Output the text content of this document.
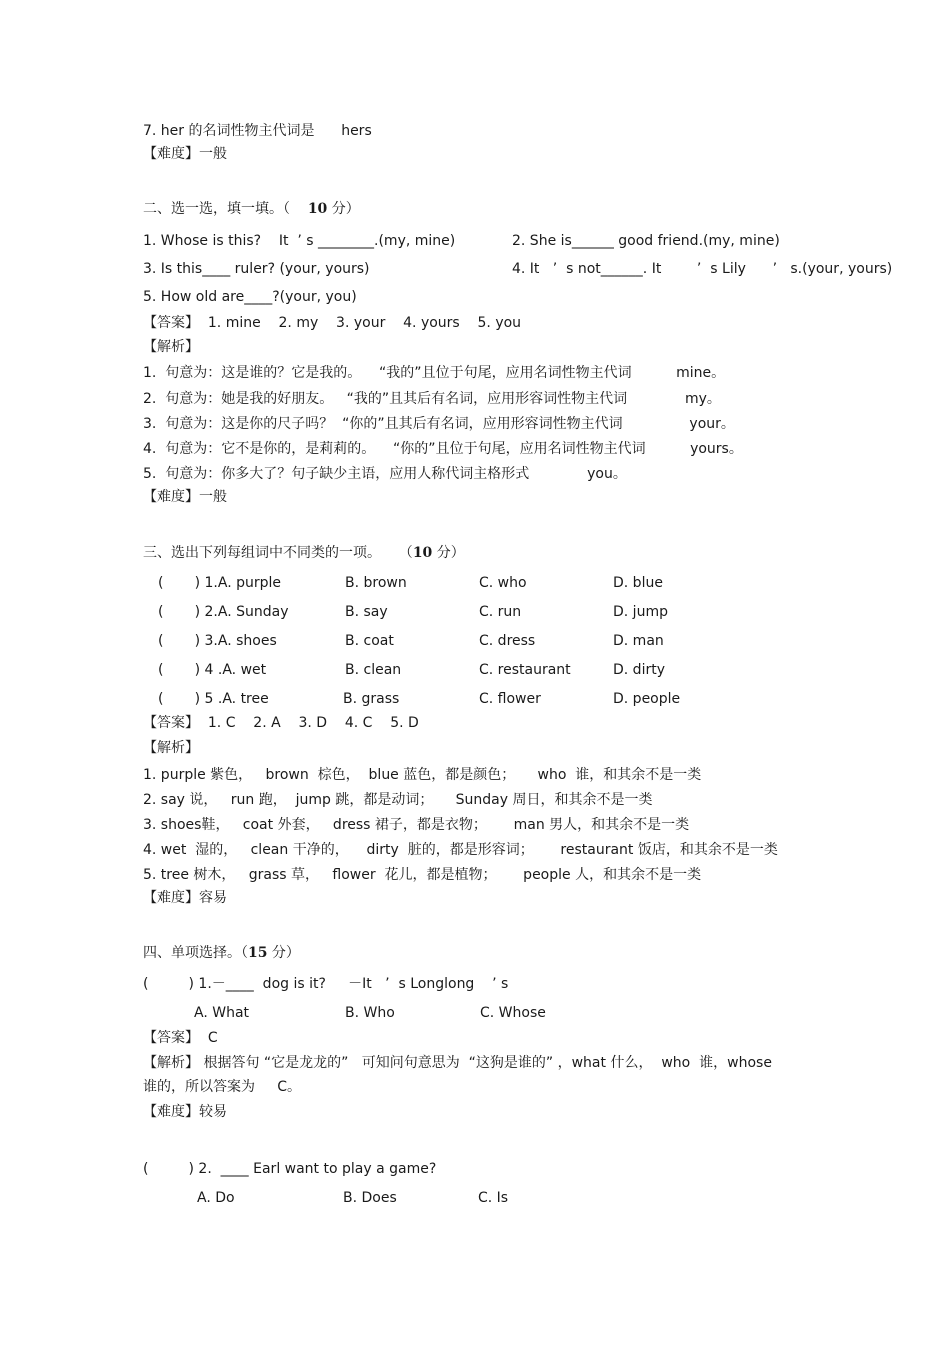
7. her 的名词性物主代词是      hers
【难度】一般
二、选一选，填一填。（    10 分）
1. Whose is this?    It  ’ s ________.(my, mine)	2. She is______ good friend.(my, mine)
3. Is this____ ruler? (your, yours)	4. It   ’  s not______. It        ’  s Lily      ’   s.(your, yours)
5. How old are____?(your, you)
【答案】  1. mine    2. my    3. your    4. yours    5. you
【解析】
1.  句意为：这是谁的？它是我的。    “我的”且位于句尾，应用名词性物主代词          mine。
2.  句意为：她是我的好朋友。   “我的”且其后有名词，应用形容词性物主代词             my。
3.  句意为：这是你的尺子吗？  “你的”且其后有名词，应用形容词性物主代词               your。
4.  句意为：它不是你的，是莉莉的。    “你的”且位于句尾，应用名词性物主代词          yours。
5.  句意为：你多大了？句子缺少主语，应用人称代词主格形式             you。
【难度】一般
三、选出下列每组词中不同类的一项。    （10 分）
(       ) 1.A. purple	B. brown	C. who	D. blue
(       ) 2.A. Sunday	B. say	C. run	D. jump
(       ) 3.A. shoes	B. coat	C. dress	D. man
(       ) 4 .A. wet	B. clean	C. restaurant	D. dirty
(       ) 5 .A. tree	B. grass	C. flower	D. people
【答案】  1. C    2. A    3. D    4. C    5. D
【解析】
1. purple 紫色，   brown  棕色，  blue 蓝色，都是颜色；     who  谁，和其余不是一类
2. say 说，   run 跑，  jump 跳，都是动词；     Sunday 周日，和其余不是一类
3. shoes鞋，   coat 外套，   dress 裙子，都是衣物；      man 男人，和其余不是一类
4. wet  湿的，   clean 干净的，    dirty  脏的，都是形容词；      restaurant 饭店，和其余不是一类
5. tree 树木，   grass 草，   flower  花儿，都是植物；      people 人，和其余不是一类
【难度】容易
四、单项选择。（15 分）
(         ) 1.－____  dog is it?     －It   ’  s Longlong    ’ s
A. What	B. Who	C. Whose
【答案】  C
【解析】 根据答句 “它是龙龙的”   可知问句意思为  “这狗是谁的” ，what 什么，  who  谁，whose
谁的，所以答案为     C。
【难度】较易
(         ) 2.  ____ Earl want to play a game?
A. Do	B. Does	C. Is
